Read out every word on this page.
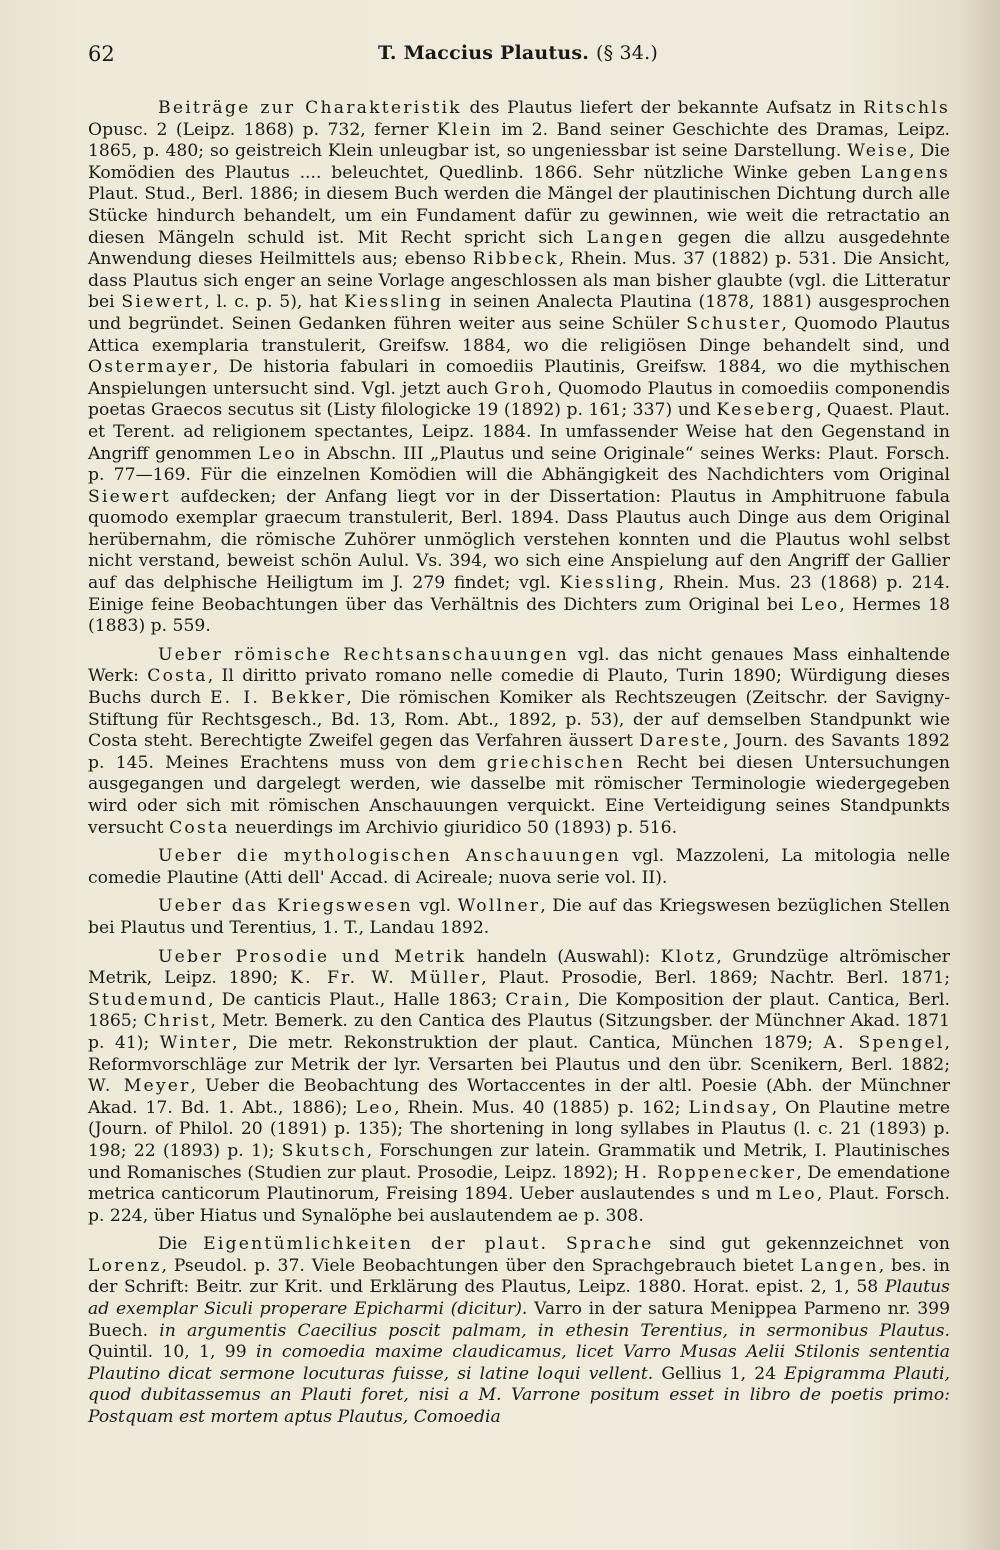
62	T. Maccius Plautus. (§ 34.)

Beiträge zur Charakteristik des Plautus liefert der bekannte Aufsatz in Ritschls Opusc. 2 (Leipz. 1868) p. 732, ferner Klein im 2. Band seiner Geschichte des Dramas, Leipz. 1865, p. 480; so geistreich Klein unleugbar ist, so ungeniessbar ist seine Darstellung. Weise, Die Komödien des Plautus .... beleuchtet, Quedlinb. 1866. Sehr nützliche Winke geben Langens Plaut. Stud., Berl. 1886; in diesem Buch werden die Mängel der plautinischen Dichtung durch alle Stücke hindurch behandelt, um ein Fundament dafür zu gewinnen, wie weit die retractatio an diesen Mängeln schuld ist. Mit Recht spricht sich Langen gegen die allzu ausgedehnte Anwendung dieses Heilmittels aus; ebenso Ribbeck, Rhein. Mus. 37 (1882) p. 531. Die Ansicht, dass Plautus sich enger an seine Vorlage angeschlossen als man bisher glaubte (vgl. die Litteratur bei Siewert, l. c. p. 5), hat Kiessling in seinen Analecta Plautina (1878, 1881) ausgesprochen und begründet. Seinen Gedanken führen weiter aus seine Schüler Schuster, Quomodo Plautus Attica exemplaria transtulerit, Greifsw. 1884, wo die religiösen Dinge behandelt sind, und Ostermayer, De historia fabulari in comoediis Plautinis, Greifsw. 1884, wo die mythischen Anspielungen untersucht sind. Vgl. jetzt auch Groh, Quomodo Plautus in comoediis componendis poetas Graecos secutus sit (Listy filologicke 19 (1892) p. 161; 337) und Keseberg, Quaest. Plaut. et Terent. ad religionem spectantes, Leipz. 1884. In umfassender Weise hat den Gegenstand in Angriff genommen Leo in Abschn. III „Plautus und seine Originale“ seines Werks: Plaut. Forsch. p. 77—169. Für die einzelnen Komödien will die Abhängigkeit des Nachdichters vom Original Siewert aufdecken; der Anfang liegt vor in der Dissertation: Plautus in Amphitruone fabula quomodo exemplar graecum transtulerit, Berl. 1894. Dass Plautus auch Dinge aus dem Original herübernahm, die römische Zuhörer unmöglich verstehen konnten und die Plautus wohl selbst nicht verstand, beweist schön Aulul. Vs. 394, wo sich eine Anspielung auf den Angriff der Gallier auf das delphische Heiligtum im J. 279 findet; vgl. Kiessling, Rhein. Mus. 23 (1868) p. 214. Einige feine Beobachtungen über das Verhältnis des Dichters zum Original bei Leo, Hermes 18 (1883) p. 559.

Ueber römische Rechtsanschauungen vgl. das nicht genaues Mass einhaltende Werk: Costa, Il diritto privato romano nelle comedie di Plauto, Turin 1890; Würdigung dieses Buchs durch E. I. Bekker, Die römischen Komiker als Rechtszeugen (Zeitschr. der Savigny-Stiftung für Rechtsgesch., Bd. 13, Rom. Abt., 1892, p. 53), der auf demselben Standpunkt wie Costa steht. Berechtigte Zweifel gegen das Verfahren äussert Dareste, Journ. des Savants 1892 p. 145. Meines Erachtens muss von dem griechischen Recht bei diesen Untersuchungen ausgegangen und dargelegt werden, wie dasselbe mit römischer Terminologie wiedergegeben wird oder sich mit römischen Anschauungen verquickt. Eine Verteidigung seines Standpunkts versucht Costa neuerdings im Archivio giuridico 50 (1893) p. 516.

Ueber die mythologischen Anschauungen vgl. Mazzoleni, La mitologia nelle comedie Plautine (Atti dell' Accad. di Acireale; nuova serie vol. II).

Ueber das Kriegswesen vgl. Wollner, Die auf das Kriegswesen bezüglichen Stellen bei Plautus und Terentius, 1. T., Landau 1892.

Ueber Prosodie und Metrik handeln (Auswahl): Klotz, Grundzüge altrömischer Metrik, Leipz. 1890; K. Fr. W. Müller, Plaut. Prosodie, Berl. 1869; Nachtr. Berl. 1871; Studemund, De canticis Plaut., Halle 1863; Crain, Die Komposition der plaut. Cantica, Berl. 1865; Christ, Metr. Bemerk. zu den Cantica des Plautus (Sitzungsber. der Münchner Akad. 1871 p. 41); Winter, Die metr. Rekonstruktion der plaut. Cantica, München 1879; A. Spengel, Reformvorschläge zur Metrik der lyr. Versarten bei Plautus und den übr. Scenikern, Berl. 1882; W. Meyer, Ueber die Beobachtung des Wortaccentes in der altl. Poesie (Abh. der Münchner Akad. 17. Bd. 1. Abt., 1886); Leo, Rhein. Mus. 40 (1885) p. 162; Lindsay, On Plautine metre (Journ. of Philol. 20 (1891) p. 135); The shortening in long syllabes in Plautus (l. c. 21 (1893) p. 198; 22 (1893) p. 1); Skutsch, Forschungen zur latein. Grammatik und Metrik, I. Plautinisches und Romanisches (Studien zur plaut. Prosodie, Leipz. 1892); H. Roppenecker, De emendatione metrica canticorum Plautinorum, Freising 1894. Ueber auslautendes s und m Leo, Plaut. Forsch. p. 224, über Hiatus und Synalöphe bei auslautendem ae p. 308.

Die Eigentümlichkeiten der plaut. Sprache sind gut gekennzeichnet von Lorenz, Pseudol. p. 37. Viele Beobachtungen über den Sprachgebrauch bietet Langen, bes. in der Schrift: Beitr. zur Krit. und Erklärung des Plautus, Leipz. 1880. Horat. epist. 2, 1, 58 Plautus ad exemplar Siculi properare Epicharmi (dicitur). Varro in der satura Menippea Parmeno nr. 399 Buech. in argumentis Caecilius poscit palmam, in ethesin Terentius, in sermonibus Plautus. Quintil. 10, 1, 99 in comoedia maxime claudicamus, licet Varro Musas Aelii Stilonis sententia Plautino dicat sermone locuturas fuisse, si latine loqui vellent. Gellius 1, 24 Epigramma Plauti, quod dubitassemus an Plauti foret, nisi a M. Varrone positum esset in libro de poetis primo: Postquam est mortem aptus Plautus, Comoedia
